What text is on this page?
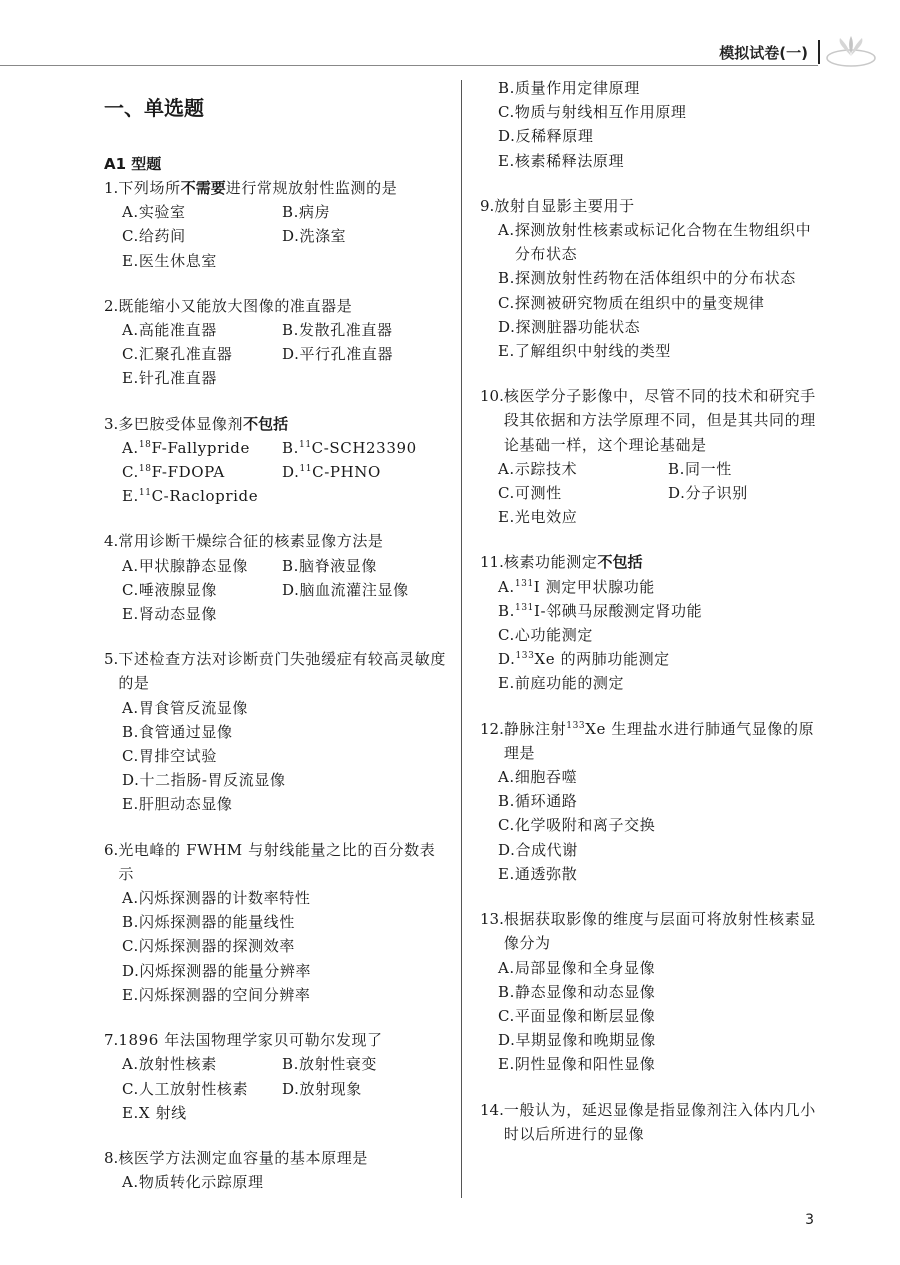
模拟试卷(一)
一、单选题
A1 型题
1. 下列场所不需要进行常规放射性监测的是
A. 实验室	B. 病房
C. 给药间	D. 洗涤室
E. 医生休息室
2. 既能缩小又能放大图像的准直器是
A. 高能准直器	B. 发散孔准直器
C. 汇聚孔准直器	D. 平行孔准直器
E. 针孔准直器
3. 多巴胺受体显像剂不包括
A. $^{18}$F-Fallypride	B. $^{11}$C-SCH23390
C. $^{18}$F-FDOPA	D. $^{11}$C-PHNO
E. $^{11}$C-Raclopride
4. 常用诊断干燥综合征的核素显像方法是
A. 甲状腺静态显像	B. 脑脊液显像
C. 唾液腺显像	D. 脑血流灌注显像
E. 肾动态显像
5. 下述检查方法对诊断贲门失弛缓症有较高灵敏度的是
A. 胃食管反流显像
B. 食管通过显像
C. 胃排空试验
D. 十二指肠-胃反流显像
E. 肝胆动态显像
6. 光电峰的 FWHM 与射线能量之比的百分数表示
A. 闪烁探测器的计数率特性
B. 闪烁探测器的能量线性
C. 闪烁探测器的探测效率
D. 闪烁探测器的能量分辨率
E. 闪烁探测器的空间分辨率
7. 1896 年法国物理学家贝可勒尔发现了
A. 放射性核素	B. 放射性衰变
C. 人工放射性核素	D. 放射现象
E. X 射线
8. 核医学方法测定血容量的基本原理是
A. 物质转化示踪原理
B. 质量作用定律原理
C. 物质与射线相互作用原理
D. 反稀释原理
E. 核素稀释法原理
9. 放射自显影主要用于
A. 探测放射性核素或标记化合物在生物组织中分布状态
B. 探测放射性药物在活体组织中的分布状态
C. 探测被研究物质在组织中的量变规律
D. 探测脏器功能状态
E. 了解组织中射线的类型
10. 核医学分子影像中，尽管不同的技术和研究手段其依据和方法学原理不同，但是其共同的理论基础一样，这个理论基础是
A. 示踪技术	B. 同一性
C. 可测性	D. 分子识别
E. 光电效应
11. 核素功能测定不包括
A. $^{131}$I 测定甲状腺功能
B. $^{131}$I-邻碘马尿酸测定肾功能
C. 心功能测定
D. $^{133}$Xe 的两肺功能测定
E. 前庭功能的测定
12. 静脉注射$^{133}$Xe 生理盐水进行肺通气显像的原理是
A. 细胞吞噬
B. 循环通路
C. 化学吸附和离子交换
D. 合成代谢
E. 通透弥散
13. 根据获取影像的维度与层面可将放射性核素显像分为
A. 局部显像和全身显像
B. 静态显像和动态显像
C. 平面显像和断层显像
D. 早期显像和晚期显像
E. 阴性显像和阳性显像
14. 一般认为，延迟显像是指显像剂注入体内几小时以后所进行的显像
3
